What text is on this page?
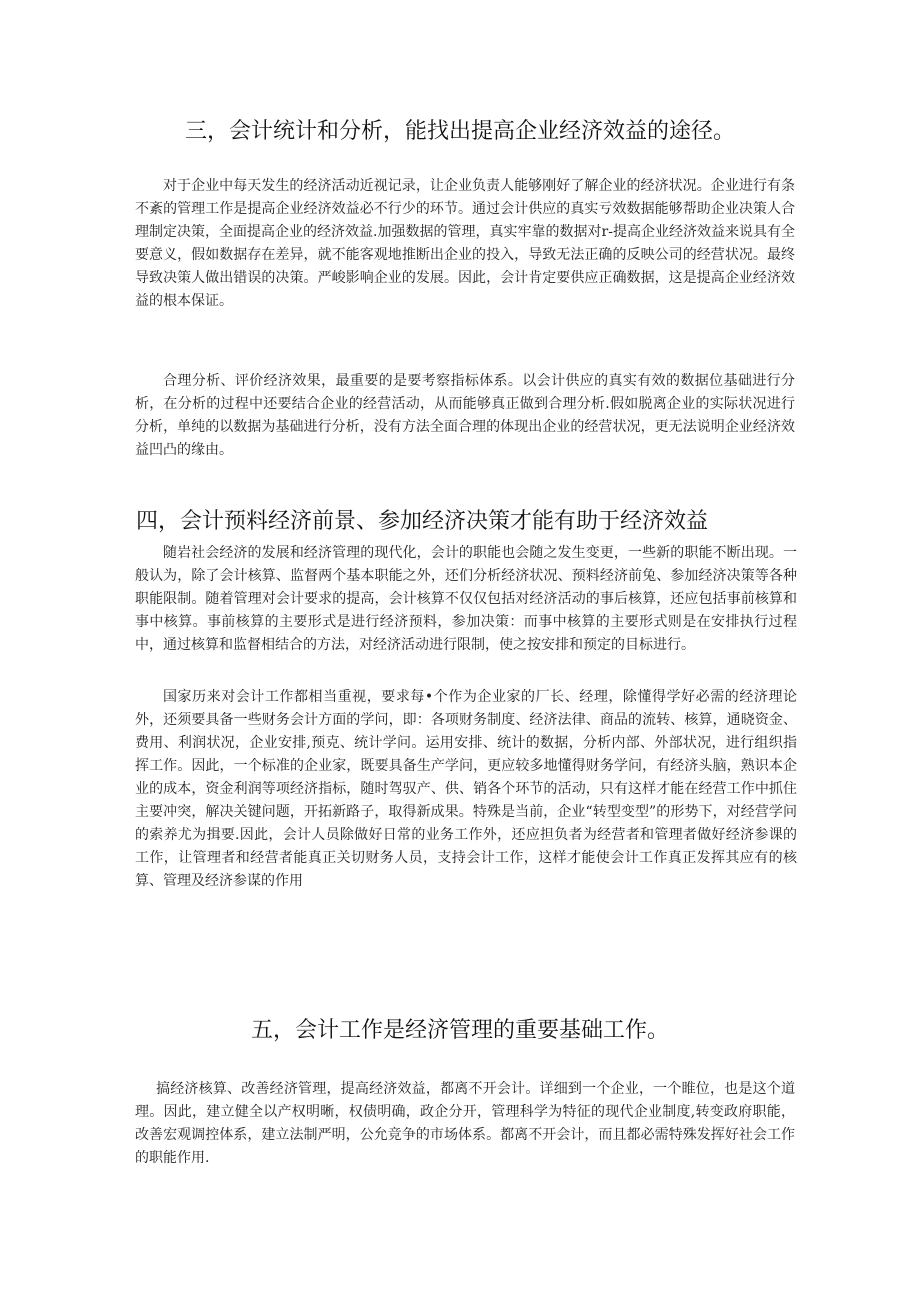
三，会计统计和分析，能找出提高企业经济效益的途径。

对于企业中每天发生的经济活动近视记录，让企业负责人能够刚好了解企业的经济状况。企业进行有条不紊的管理工作是提高企业经济效益必不行少的环节。通过会计供应的真实亏效数据能够帮助企业决策人合理制定决策，全面提高企业的经济效益.加强数据的管理，真实牢靠的数据对r-提高企业经济效益来说具有全要意义，假如数据存在差异，就不能客观地推断出企业的投入，导致无法正确的反映公司的经营状况。最终导致决策人做出错误的决策。严峻影响企业的发展。因此，会计肯定要供应正确数据，这是提高企业经济效益的根本保证。

合理分析、评价经济效果，最重要的是要考察指标体系。以会计供应的真实有效的数据位基础进行分析，在分析的过程中还要结合企业的经营活动，从而能够真正做到合理分析.假如脱离企业的实际状况进行分析，单纯的以数据为基础进行分析，没有方法全面合理的体现出企业的经营状况，更无法说明企业经济效益凹凸的缘由。

四，会计预料经济前景、参加经济决策才能有助于经济效益

随岩社会经济的发展和经济管理的现代化，会计的职能也会随之发生变更，一些新的职能不断出现。一般认为，除了会计核算、监督两个基本职能之外，还们分析经济状况、预料经济前兔、参加经济决策等各种职能限制。随着管理对会计要求的提高，会计核算不仅仅包括对经济活动的事后核算，还应包括事前核算和事中核算。事前核算的主要形式是进行经济预料，参加决策：而事中核算的主要形式则是在安排执行过程中，通过核算和监督相结合的方法，对经济活动进行限制，使之按安排和预定的目标进行。

国家历来对会计工作都相当重视，要求每•个作为企业家的厂长、经理，除懂得学好必需的经济理论外，还须要具备一些财务会计方面的学问，即：各项财务制度、经济法律、商品的流转、核算，通晓资金、费用、利润状况，企业安排,预克、统计学问。运用安排、统计的数据，分析内部、外部状况，进行组织指挥工作。因此，一个标准的企业家，既要具备生产学问，更应较多地懂得财务学问，有经济头脑，熟识本企业的成本，资金利润等项经济指标，随时驾驭产、供、销各个环节的活动，只有这样才能在经营工作中抓住主要冲突，解决关键问题，开拓新路子，取得新成果。特殊是当前，企业“转型变型”的形势下，对经营学问的索养尤为揖要.因此，会计人员除做好日常的业务工作外，还应担负者为经营者和管理者做好经济参课的工作，让管理者和经营者能真正关切财务人员，支持会计工作，这样才能使会计工作真正发挥其应有的核算、管理及经济参谋的作用

五，会计工作是经济管理的重要基础工作。

搞经济核算、改善经济管理，提高经济效益，都离不开会计。详细到一个企业，一个睢位，也是这个道理。因此，建立健全以产权明晰，权债明确，政企分开，管理科学为特征的现代企业制度,转变政府职能，改善宏观调控体系，建立法制严明，公允竞争的市场体系。都离不开会计，而且都必需特殊发挥好社会工作的职能作用.
